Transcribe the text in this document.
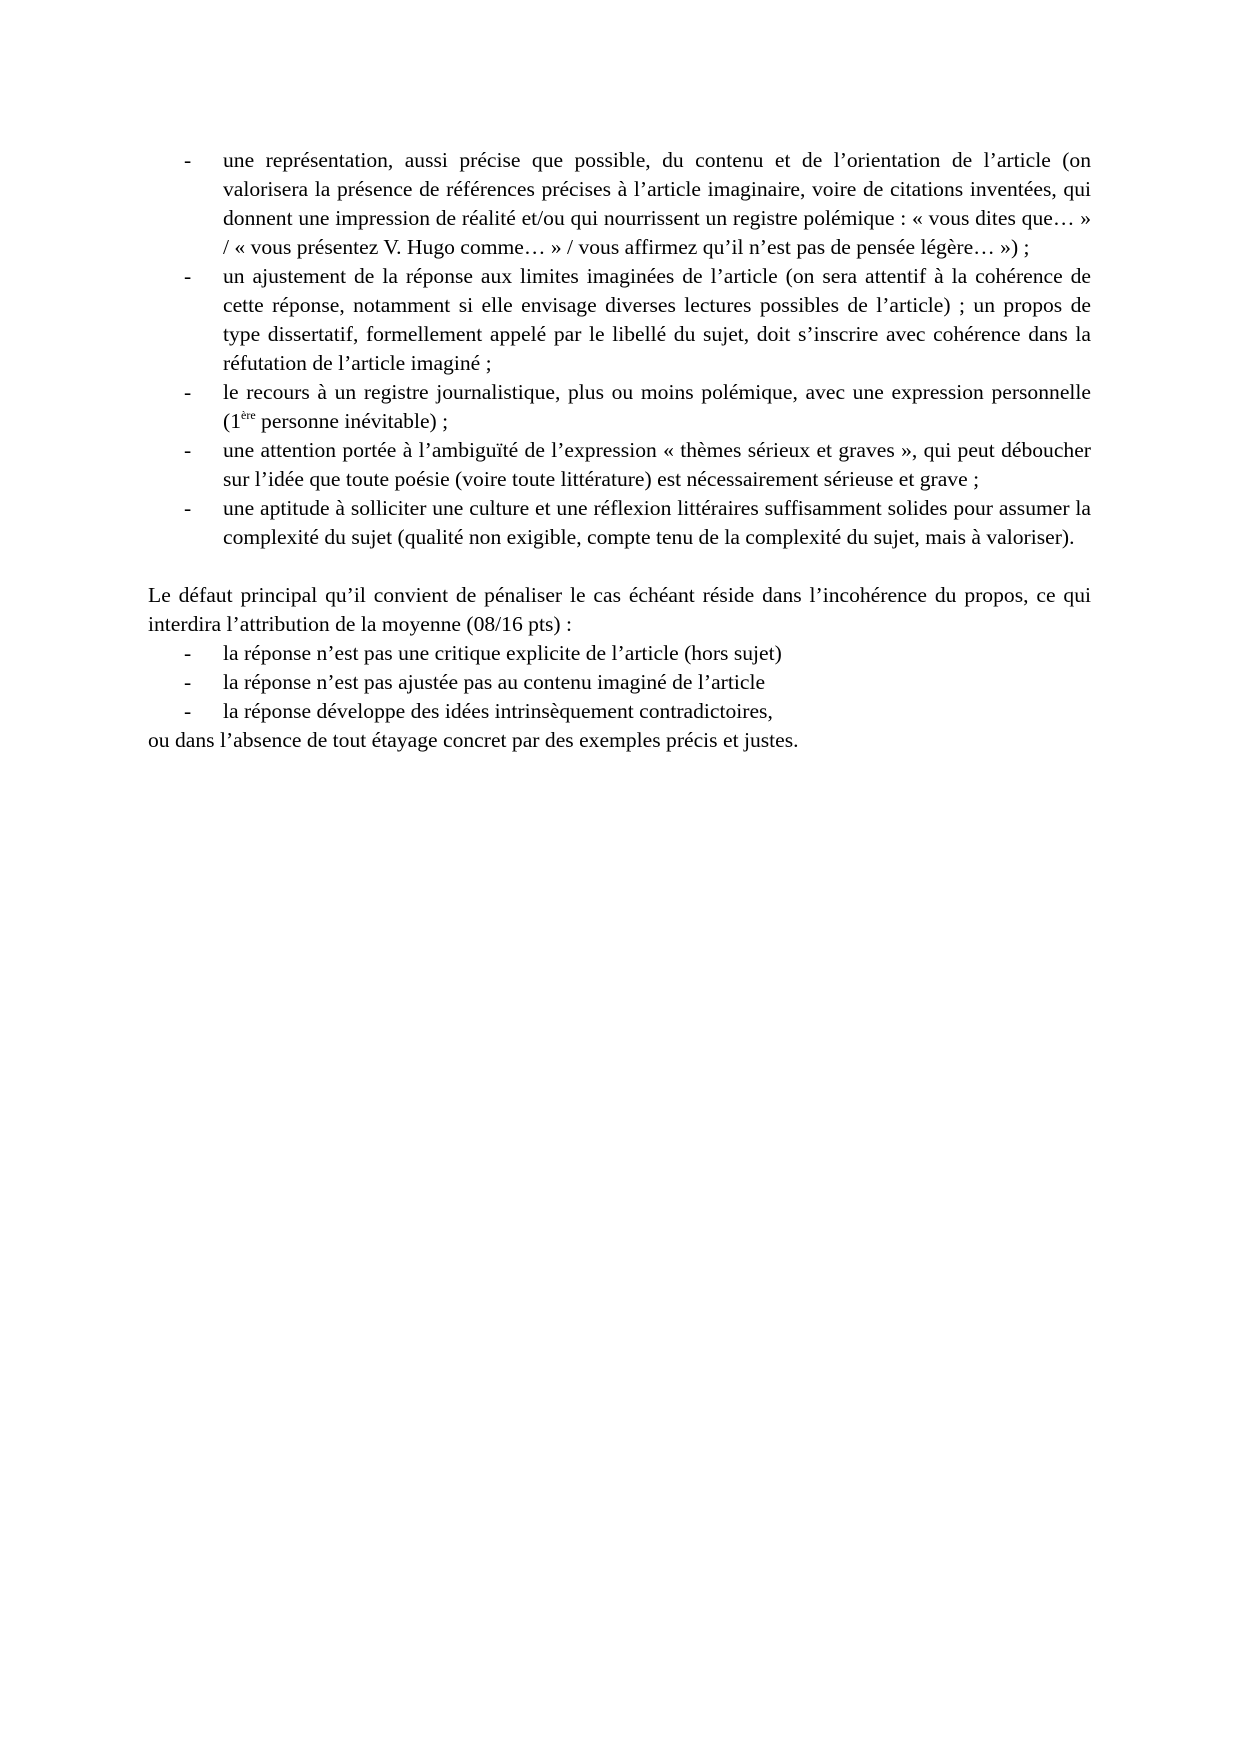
- une représentation, aussi précise que possible, du contenu et de l’orientation de l’article (on valorisera la présence de références précises à l’article imaginaire, voire de citations inventées, qui donnent une impression de réalité et/ou qui nourrissent un registre polémique : « vous dites que… » / « vous présentez V. Hugo comme… » / vous affirmez qu’il n’est pas de pensée légère… ») ;
- un ajustement de la réponse aux limites imaginées de l’article (on sera attentif à la cohérence de cette réponse, notamment si elle envisage diverses lectures possibles de l’article) ; un propos de type dissertatif, formellement appelé par le libellé du sujet, doit s’inscrire avec cohérence dans la réfutation de l’article imaginé ;
- le recours à un registre journalistique, plus ou moins polémique, avec une expression personnelle (1ère personne inévitable) ;
- une attention portée à l’ambiguïté de l’expression « thèmes sérieux et graves », qui peut déboucher sur l’idée que toute poésie (voire toute littérature) est nécessairement sérieuse et grave ;
- une aptitude à solliciter une culture et une réflexion littéraires suffisamment solides pour assumer la complexité du sujet (qualité non exigible, compte tenu de la complexité du sujet, mais à valoriser).

Le défaut principal qu’il convient de pénaliser le cas échéant réside dans l’incohérence du propos, ce qui interdira l’attribution de la moyenne (08/16 pts) :

- la réponse n’est pas une critique explicite de l’article (hors sujet)
- la réponse n’est pas ajustée pas au contenu imaginé de l’article
- la réponse développe des idées intrinsèquement contradictoires,

ou dans l’absence de tout étayage concret par des exemples précis et justes.
